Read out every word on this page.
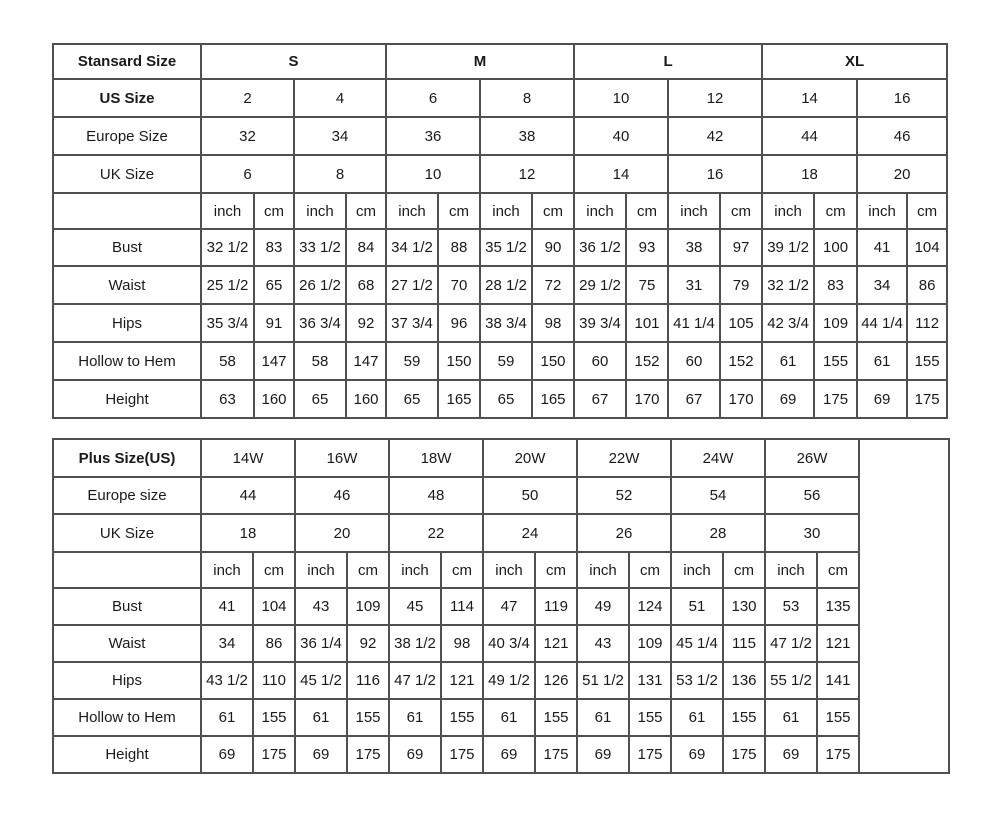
Stansard Size	S				M				L				XL			
US Size	2		4		6		8		10		12		14		16	
Europe Size	32		34		36		38		40		42		44		46	
UK Size	6		8		10		12		14		16		18		20	
	inch	cm	inch	cm	inch	cm	inch	cm	inch	cm	inch	cm	inch	cm	inch	cm
Bust	32 1/2	83	33 1/2	84	34 1/2	88	35 1/2	90	36 1/2	93	38	97	39 1/2	100	41	104
Waist	25 1/2	65	26 1/2	68	27 1/2	70	28 1/2	72	29 1/2	75	31	79	32 1/2	83	34	86
Hips	35 3/4	91	36 3/4	92	37 3/4	96	38 3/4	98	39 3/4	101	41 1/4	105	42 3/4	109	44 1/4	112
Hollow to Hem	58	147	58	147	59	150	59	150	60	152	60	152	61	155	61	155
Height	63	160	65	160	65	165	65	165	67	170	67	170	69	175	69	175
Plus Size(US)	14W		16W		18W		20W		22W		24W		26W		
Europe size	44		46		48		50		52		54		56		
UK Size	18		20		22		24		26		28		30		
	inch	cm	inch	cm	inch	cm	inch	cm	inch	cm	inch	cm	inch	cm	
Bust	41	104	43	109	45	114	47	119	49	124	51	130	53	135	
Waist	34	86	36 1/4	92	38 1/2	98	40 3/4	121	43	109	45 1/4	115	47 1/2	121	
Hips	43 1/2	110	45 1/2	116	47 1/2	121	49 1/2	126	51 1/2	131	53 1/2	136	55 1/2	141	
Hollow to Hem	61	155	61	155	61	155	61	155	61	155	61	155	61	155	
Height	69	175	69	175	69	175	69	175	69	175	69	175	69	175	
